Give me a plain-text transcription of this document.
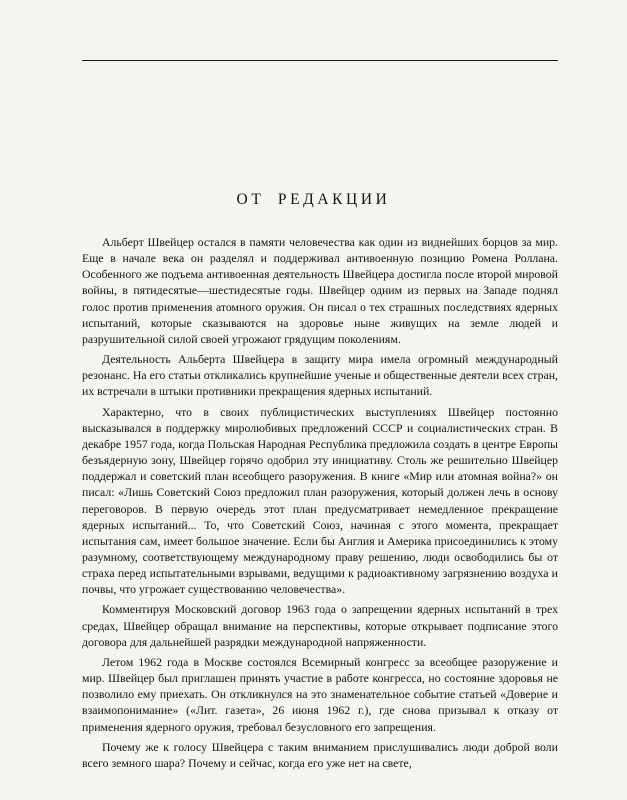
ОТ РЕДАКЦИИ

Альберт Швейцер остался в памяти человечества как один из виднейших борцов за мир. Еще в начале века он разделял и поддерживал антивоенную позицию Ромена Роллана. Особенного же подъема антивоенная деятельность Швейцера достигла после второй мировой войны, в пятидесятые—шестидесятые годы. Швейцер одним из первых на Западе поднял голос против применения атомного оружия. Он писал о тех страшных последствиях ядерных испытаний, которые сказываются на здоровье ныне живущих на земле людей и разрушительной силой своей угрожают грядущим поколениям.

Деятельность Альберта Швейцера в защиту мира имела огромный международный резонанс. На его статьи откликались крупнейшие ученые и общественные деятели всех стран, их встречали в штыки противники прекращения ядерных испытаний.

Характерно, что в своих публицистических выступлениях Швейцер постоянно высказывался в поддержку миролюбивых предложений СССР и социалистических стран. В декабре 1957 года, когда Польская Народная Республика предложила создать в центре Европы безъядерную зону, Швейцер горячо одобрил эту инициативу. Столь же решительно Швейцер поддержал и советский план всеобщего разоружения. В книге «Мир или атомная война?» он писал: «Лишь Советский Союз предложил план разоружения, который должен лечь в основу переговоров. В первую очередь этот план предусматривает немедленное прекращение ядерных испытаний... То, что Советский Союз, начиная с этого момента, прекращает испытания сам, имеет большое значение. Если бы Англия и Америка присоединились к этому разумному, соответствующему международному праву решению, люди освободились бы от страха перед испытательными взрывами, ведущими к радиоактивному загрязнению воздуха и почвы, что угрожает существованию человечества».

Комментируя Московский договор 1963 года о запрещении ядерных испытаний в трех средах, Швейцер обращал внимание на перспективы, которые открывает подписание этого договора для дальнейшей разрядки международной напряженности.

Летом 1962 года в Москве состоялся Всемирный конгресс за всеобщее разоружение и мир. Швейцер был приглашен принять участие в работе конгресса, но состояние здоровья не позволило ему приехать. Он откликнулся на это знаменательное событие статьей «Доверие и взаимопонимание» («Лит. газета», 26 июня 1962 г.), где снова призывал к отказу от применения ядерного оружия, требовал безусловного его запрещения.

Почему же к голосу Швейцера с таким вниманием прислушивались люди доброй воли всего земного шара? Почему и сейчас, когда его уже нет на свете,
